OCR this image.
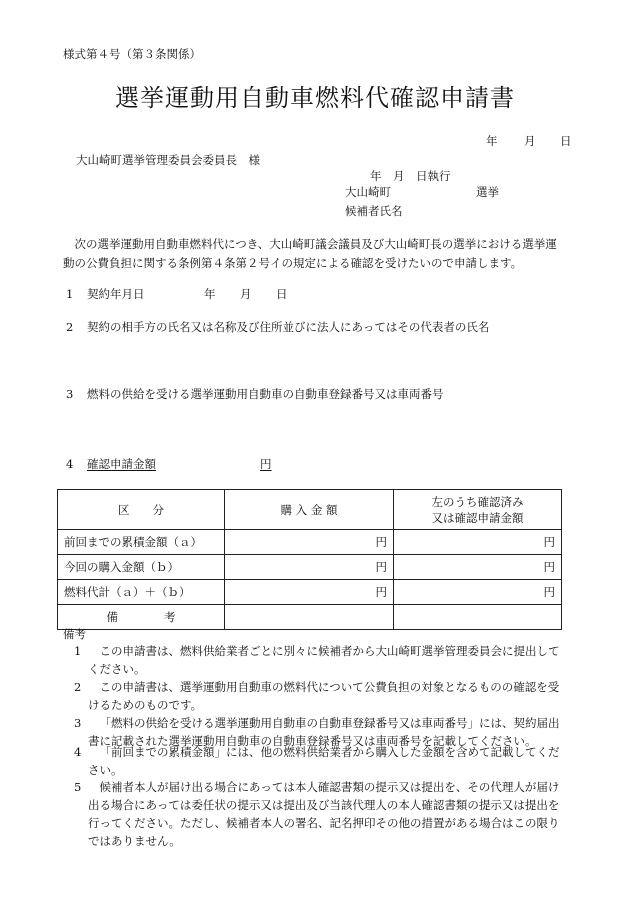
様式第４号（第３条関係）
選挙運動用自動車燃料代確認申請書
年 月 日
大山崎町選挙管理委員会委員長　様
年　月　日執行
大山崎町	選挙
候補者氏名
次の選挙運動用自動車燃料代につき、大山崎町議会議員及び大山崎町長の選挙における選挙運動の公費負担に関する条例第４条第２号イの規定による確認を受けたいので申請します。
1 契約年月日	年 月 日
2 契約の相手方の氏名又は名称及び住所並びに法人にあってはその代表者の氏名
3 燃料の供給を受ける選挙運動用自動車の自動車登録番号又は車両番号
4 確認申請金額	円
区　　分	購 入 金 額	左のうち確認済み
又は確認申請金額
前回までの累積金額（ａ）	円	円
今回の購入金額（ｂ）	円	円
燃料代計（ａ）＋（ｂ）	円	円
備　　　　考		
備考
1	この申請書は、燃料供給業者ごとに別々に候補者から大山崎町選挙管理委員会に提出してください。
2	この申請書は、選挙運動用自動車の燃料代について公費負担の対象となるものの確認を受けるためのものです。
3	「燃料の供給を受ける選挙運動用自動車の自動車登録番号又は車両番号」には、契約届出書に記載された選挙運動用自動車の自動車登録番号又は車両番号を記載してください。
4	「前回までの累積金額」には、他の燃料供給業者から購入した金額を含めて記載してください。
5	候補者本人が届け出る場合にあっては本人確認書類の提示又は提出を、その代理人が届け出る場合にあっては委任状の提示又は提出及び当該代理人の本人確認書類の提示又は提出を行ってください。ただし、候補者本人の署名、記名押印その他の措置がある場合はこの限りではありません。
